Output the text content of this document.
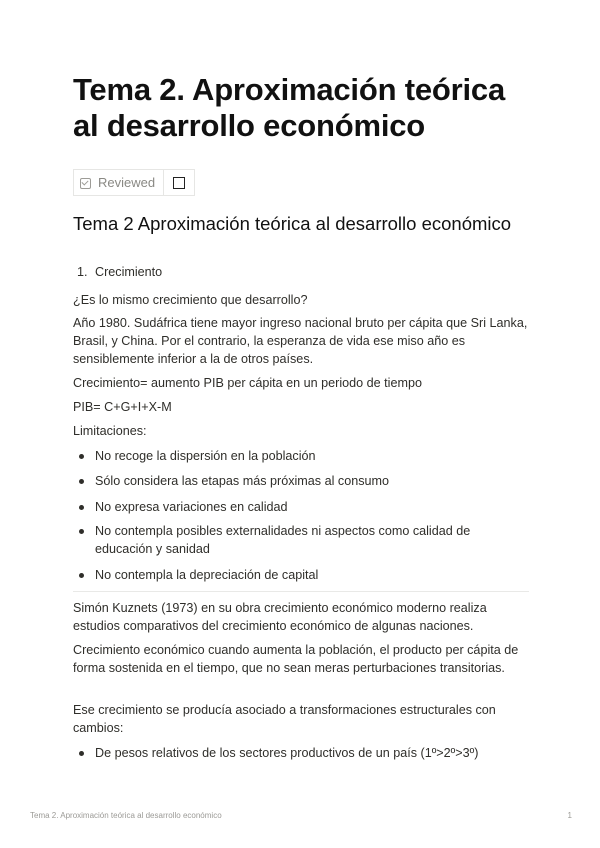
Tema 2. Aproximación teórica al desarrollo económico
Reviewed
Tema 2 Aproximación teórica al desarrollo económico
1. Crecimiento

¿Es lo mismo crecimiento que desarrollo?

Año 1980. Sudáfrica tiene mayor ingreso nacional bruto per cápita que Sri Lanka, Brasil, y China. Por el contrario, la esperanza de vida ese miso año es sensiblemente inferior a la de otros países.

Crecimiento= aumento PIB per cápita en un periodo de tiempo

PIB= C+G+I+X-M

Limitaciones:

No recoge la dispersión en la población

Sólo considera las etapas más próximas al consumo

No expresa variaciones en calidad

No contempla posibles externalidades ni aspectos como calidad de educación y sanidad

No contempla la depreciación de capital

Simón Kuznets (1973) en su obra crecimiento económico moderno realiza estudios comparativos del crecimiento económico de algunas naciones.

Crecimiento económico cuando aumenta la población, el producto per cápita de forma sostenida en el tiempo, que no sean meras perturbaciones transitorias.

Ese crecimiento se producía asociado a transformaciones estructurales con cambios:

De pesos relativos de los sectores productivos de un país (1º>2º>3º)

Tema 2. Aproximación teórica al desarrollo económico	1
